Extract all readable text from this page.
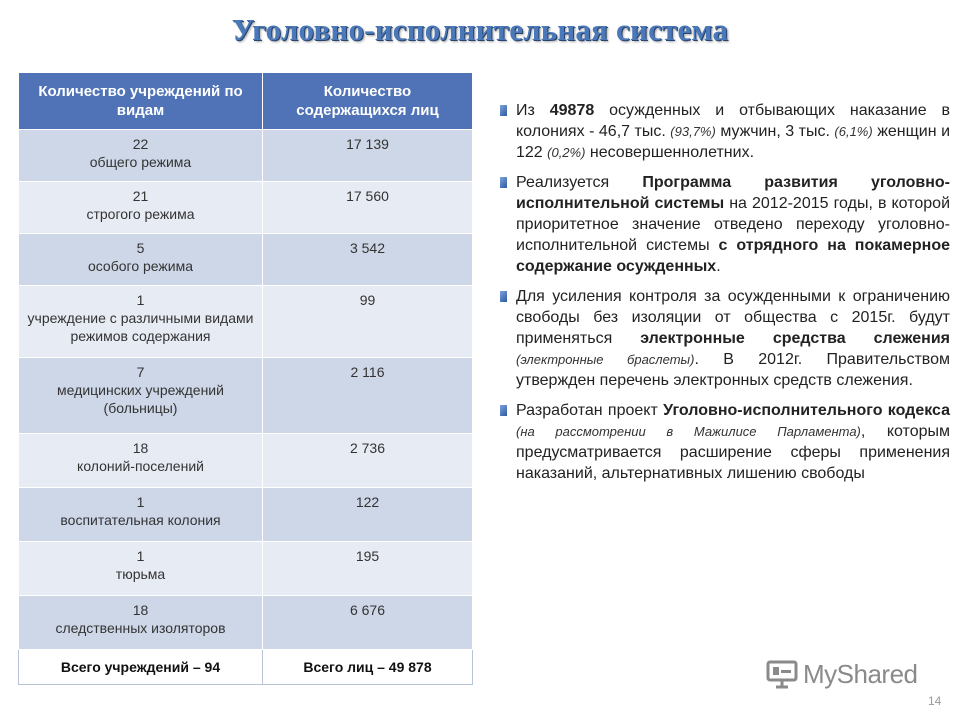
Уголовно-исполнительная система
Количество учреждений по видам	Количество содержащихся лиц

22
общего режима	17 139

21
строгого режима	17 560

5
особого режима	3 542

1
учреждение с различными видами режимов содержания	99

7
медицинских учреждений (больницы)	2 116

18
колоний-поселений	2 736

1
воспитательная колония	122

1
тюрьма	195

18
следственных изоляторов	6 676
Всего учреждений – 94	Всего лиц – 49 878
Из 49878 осужденных и отбывающих наказание в колониях - 46,7 тыс. (93,7%) мужчин, 3 тыс. (6,1%) женщин и 122 (0,2%) несовершеннолетних.
Реализуется Программа развития уголовно-исполнительной системы на 2012-2015 годы, в которой приоритетное значение отведено переходу уголовно-исполнительной системы с отрядного на покамерное содержание осужденных.
Для усиления контроля за осужденными к ограничению свободы без изоляции от общества с 2015г. будут применяться электронные средства слежения (электронные браслеты). В 2012г. Правительством утвержден перечень электронных средств слежения.
Разработан проект Уголовно-исполнительного кодекса (на рассмотрении в Мажилисе Парламента), которым предусматривается расширение сферы применения наказаний, альтернативных лишению свободы
MyShared
14
